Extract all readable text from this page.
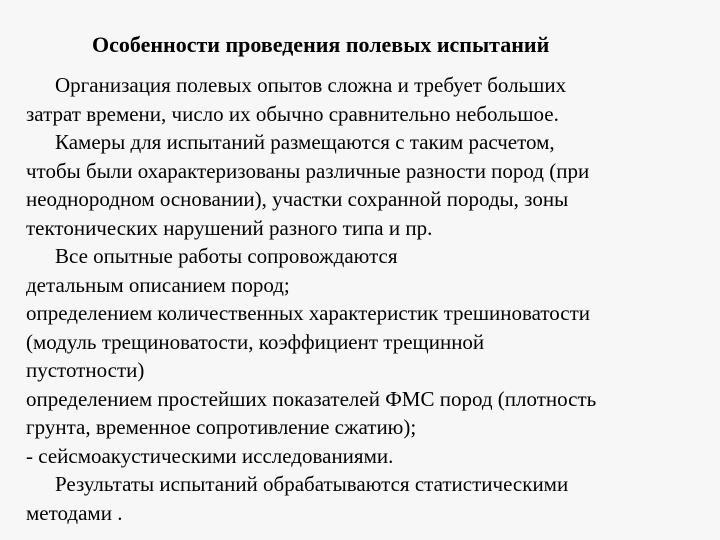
Особенности проведения полевых испытаний
Организация полевых опытов сложна и требует больших
затрат времени, число их обычно сравнительно небольшое.
Камеры для испытаний размещаются с таким расчетом,
чтобы были охарактеризованы различные разности пород (при
неоднородном основании), участки сохранной породы, зоны
тектонических нарушений разного типа и пр.
Все опытные работы сопровождаются
детальным описанием пород;
определением количественных характеристик трешиноватости
(модуль трещиноватости, коэффициент трещинной
пустотности)
определением простейших показателей ФМС пород (плотность
грунта, временное сопротивление сжатию);
- сейсмоакустическими исследованиями.
Результаты испытаний обрабатываются статистическими
методами .
